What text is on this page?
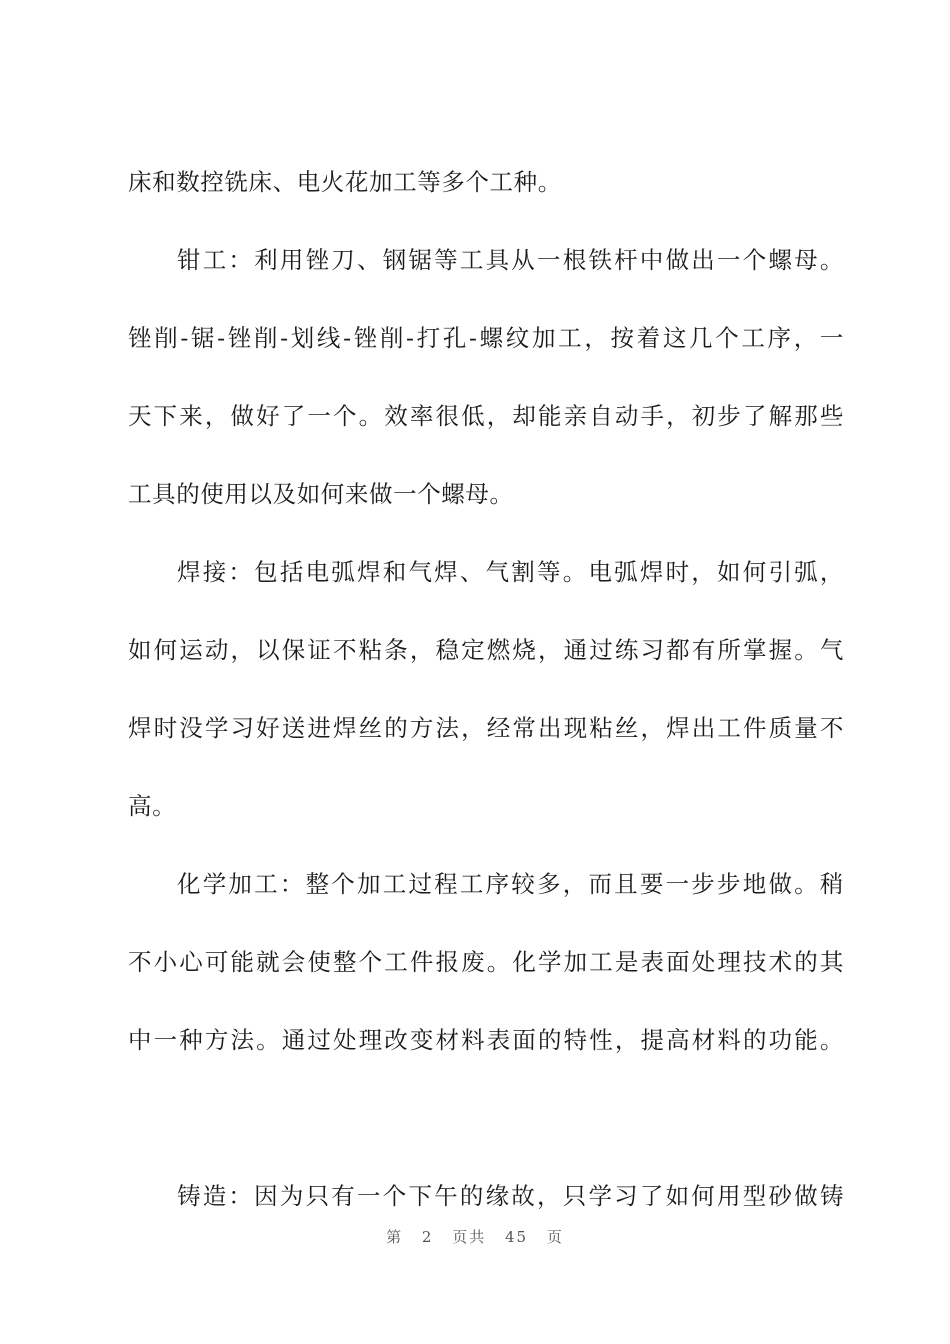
床和数控铣床、电火花加工等多个工种。
钳工：利用锉刀、钢锯等工具从一根铁杆中做出一个螺母。
锉削-锯-锉削-划线-锉削-打孔-螺纹加工，按着这几个工序，一
天下来，做好了一个。效率很低，却能亲自动手，初步了解那些
工具的使用以及如何来做一个螺母。
焊接：包括电弧焊和气焊、气割等。电弧焊时，如何引弧，
如何运动，以保证不粘条，稳定燃烧，通过练习都有所掌握。气
焊时没学习好送进焊丝的方法，经常出现粘丝，焊出工件质量不
高。
化学加工：整个加工过程工序较多，而且要一步步地做。稍
不小心可能就会使整个工件报废。化学加工是表面处理技术的其
中一种方法。通过处理改变材料表面的特性，提高材料的功能。
铸造：因为只有一个下午的缘故，只学习了如何用型砂做铸
第 2 页共 45 页
